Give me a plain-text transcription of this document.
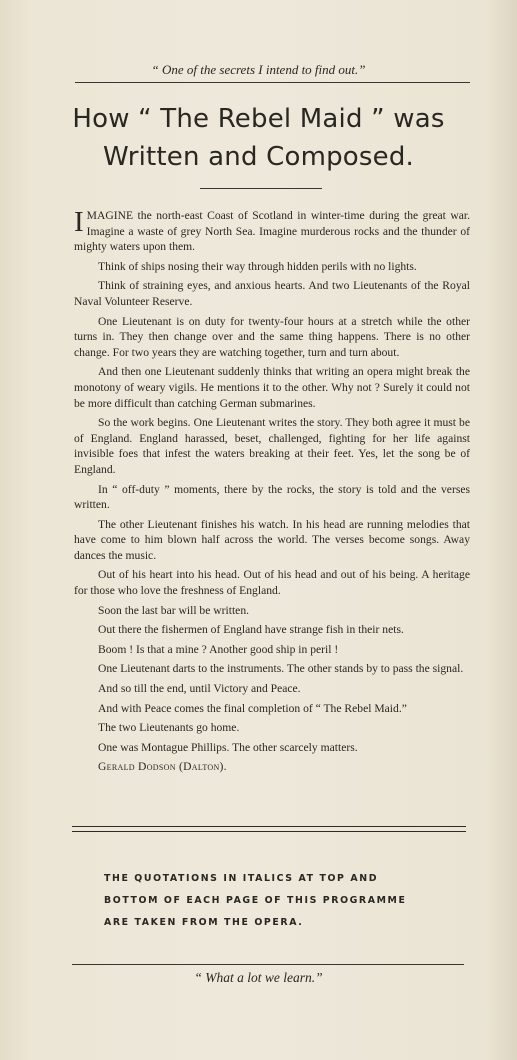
“ One of the secrets I intend to find out.”
How “ The Rebel Maid ” was
Written and Composed.

IMAGINE the north-east Coast of Scotland in winter-time during the great war. Imagine a waste of grey North Sea. Imagine murderous rocks and the thunder of mighty waters upon them.

Think of ships nosing their way through hidden perils with no lights.

Think of straining eyes, and anxious hearts. And two Lieutenants of the Royal Naval Volunteer Reserve.

One Lieutenant is on duty for twenty-four hours at a stretch while the other turns in. They then change over and the same thing happens. There is no other change. For two years they are watching together, turn and turn about.

And then one Lieutenant suddenly thinks that writing an opera might break the monotony of weary vigils. He mentions it to the other. Why not ? Surely it could not be more difficult than catching German submarines.

So the work begins. One Lieutenant writes the story. They both agree it must be of England. England harassed, beset, challenged, fighting for her life against invisible foes that infest the waters breaking at their feet. Yes, let the song be of England.

In “ off-duty ” moments, there by the rocks, the story is told and the verses written.

The other Lieutenant finishes his watch. In his head are running melodies that have come to him blown half across the world. The verses become songs. Away dances the music.

Out of his heart into his head. Out of his head and out of his being. A heritage for those who love the freshness of England.

Soon the last bar will be written.

Out there the fishermen of England have strange fish in their nets.

Boom ! Is that a mine ? Another good ship in peril !

One Lieutenant darts to the instruments. The other stands by to pass the signal.

And so till the end, until Victory and Peace.

And with Peace comes the final completion of “ The Rebel Maid.”

The two Lieutenants go home.

One was Montague Phillips. The other scarcely matters.

Gerald Dodson (Dalton).

THE QUOTATIONS IN ITALICS AT TOP AND
BOTTOM OF EACH PAGE OF THIS PROGRAMME
ARE TAKEN FROM THE OPERA.
“ What a lot we learn.”
